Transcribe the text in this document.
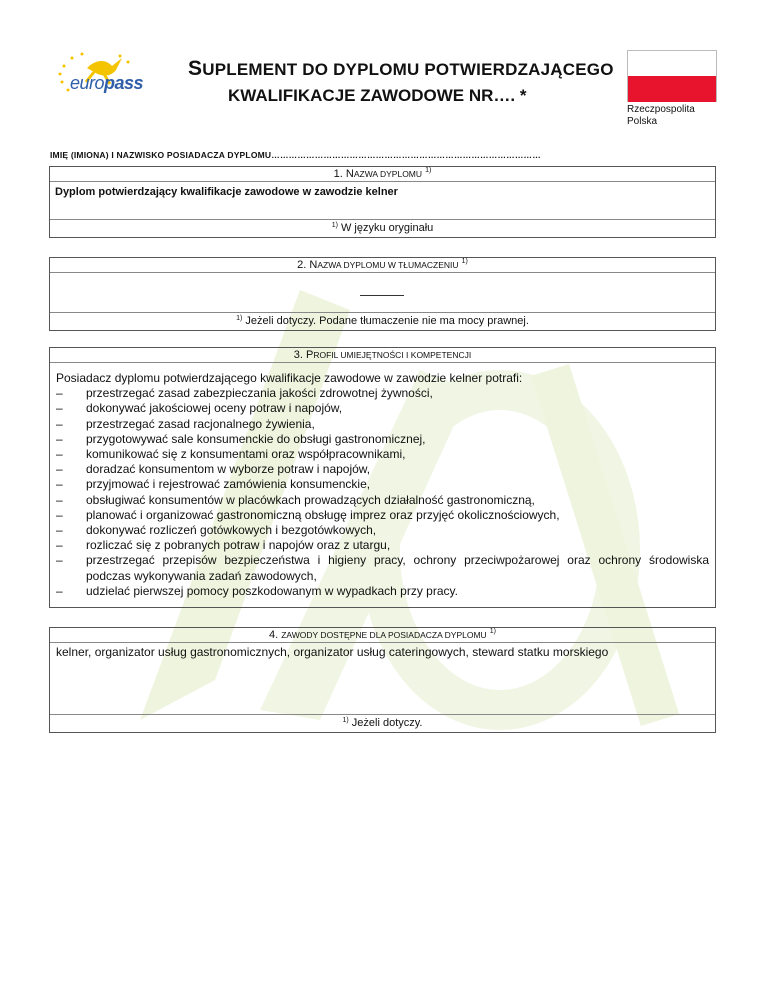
europass
SUPLEMENT DO DYPLOMU POTWIERDZAJĄCEGO
KWALIFIKACJE ZAWODOWE NR…. *
Rzeczpospolita
Polska
IMIĘ (IMIONA) I NAZWISKO POSIADACZA DYPLOMU…………………………………………………………………………………
1. NAZWA DYPLOMU $^{1)}$
Dyplom potwierdzający kwalifikacje zawodowe w zawodzie kelner
$^{1)}$ W języku oryginału
2. NAZWA DYPLOMU W TŁUMACZENIU $^{1)}$
$^{1)}$ Jeżeli dotyczy. Podane tłumaczenie nie ma mocy prawnej.
3. PROFIL UMIEJĘTNOŚCI I KOMPETENCJI
Posiadacz dyplomu potwierdzającego kwalifikacje zawodowe w zawodzie kelner potrafi:
– przestrzegać zasad zabezpieczania jakości zdrowotnej żywności,
– dokonywać jakościowej oceny potraw i napojów,
– przestrzegać zasad racjonalnego żywienia,
– przygotowywać sale konsumenckie do obsługi gastronomicznej,
– komunikować się z konsumentami oraz współpracownikami,
– doradzać konsumentom w wyborze potraw i napojów,
– przyjmować i rejestrować zamówienia konsumenckie,
– obsługiwać konsumentów w placówkach prowadzących działalność gastronomiczną,
– planować i organizować gastronomiczną obsługę imprez oraz przyjęć okolicznościowych,
– dokonywać rozliczeń gotówkowych i bezgotówkowych,
– rozliczać się z pobranych potraw i napojów oraz z utargu,
– przestrzegać przepisów bezpieczeństwa i higieny pracy, ochrony przeciwpożarowej oraz ochrony środowiska podczas wykonywania zadań zawodowych,
– udzielać pierwszej pomocy poszkodowanym w wypadkach przy pracy.
4. ZAWODY DOSTĘPNE DLA POSIADACZA DYPLOMU $^{1)}$
kelner, organizator usług gastronomicznych, organizator usług cateringowych, steward statku morskiego
$^{1)}$ Jeżeli dotyczy.
